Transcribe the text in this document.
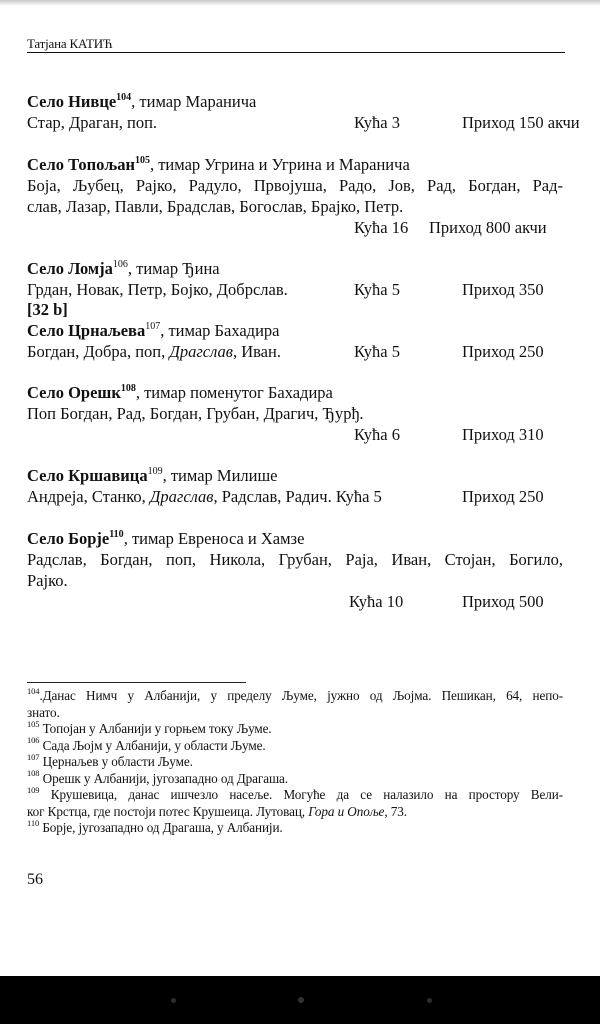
Татјана КАТИЋ
Село Нивце$^{104}$, тимар Маранича
Стар, Драган, поп.	Кућа 3	Приход 150 акчи
Село Топољан$^{105}$, тимар Угрина и Угрина и Маранича
Боја, Љубец, Рајко, Радуло, Првојуша, Радо, Јов, Рад, Богдан, Рад-
слав, Лазар, Павли, Брадслав, Богослав, Брајко, Петр.
Кућа 16 Приход 800 акчи
Село Ломја$^{106}$, тимар Ђина
Грдан, Новак, Петр, Бојко, Добрслав.	Кућа 5	Приход 350
[32 b]
Село Црнаљева$^{107}$, тимар Бахадира
Богдан, Добра, поп, Драгслав, Иван.	Кућа 5	Приход 250
Село Орешк$^{108}$, тимар поменутог Бахадира
Поп Богдан, Рад, Богдан, Грубан, Драгич, Ђурђ.
Кућа 6	Приход 310
Село Кршавица$^{109}$, тимар Милише
Андреја, Станко, Драгслав, Радслав, Радич. Кућа 5	Приход 250
Село Борје$^{110}$, тимар Евреноса и Хамзе
Радслав, Богдан, поп, Никола, Грубан, Раја, Иван, Стојан, Богило,
Рајко.
Кућа 10	Приход 500
$^{104}$.Данас Нимч у Албанији, у пределу Љуме, јужно од Љојма. Пешикан, 64, непо-
знато.
$^{105}$ Топојан у Албанији у горњем току Љуме.
$^{106}$ Сада Љојм у Албанији, у области Љуме.
$^{107}$ Цернаљев у области Љуме.
$^{108}$ Орешк у Албанији, југозападно од Драгаша.
$^{109}$ Крушевица, данас ишчезло насеље. Могуће да се налазило на простору Вели-
ког Крстца, где постоји потес Крушеица. Лутовац, Гора и Опоље, 73.
$^{110}$ Борје, југозападно од Драгаша, у Албанији.
56
